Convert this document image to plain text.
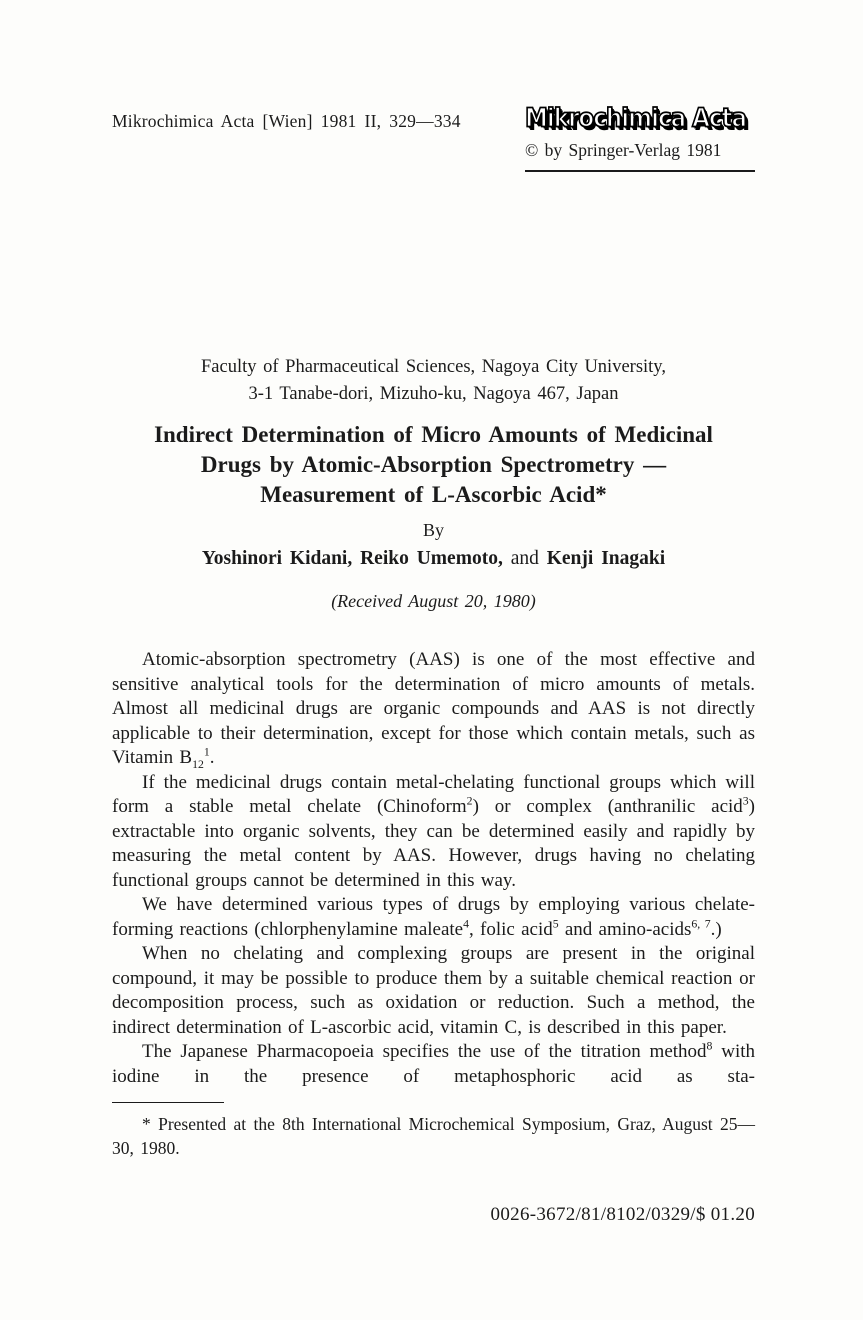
Mikrochimica Acta [Wien] 1981 II, 329—334	Mikrochimica Acta
© by Springer-Verlag 1981
Faculty of Pharmaceutical Sciences, Nagoya City University,
3-1 Tanabe-dori, Mizuho-ku, Nagoya 467, Japan
Indirect Determination of Micro Amounts of Medicinal
Drugs by Atomic-Absorption Spectrometry —
Measurement of L-Ascorbic Acid*
By
Yoshinori Kidani, Reiko Umemoto, and Kenji Inagaki
(Received August 20, 1980)

Atomic-absorption spectrometry (AAS) is one of the most effective and sensitive analytical tools for the determination of micro amounts of metals. Almost all medicinal drugs are organic compounds and AAS is not directly applicable to their determination, except for those which contain metals, such as Vitamin $B_{12}^1$.

If the medicinal drugs contain metal-chelating functional groups which will form a stable metal chelate (Chinoform$^2$) or complex (anthranilic acid$^3$) extractable into organic solvents, they can be determined easily and rapidly by measuring the metal content by AAS. However, drugs having no chelating functional groups cannot be determined in this way.

We have determined various types of drugs by employing various chelate-forming reactions (chlorphenylamine maleate$^4$, folic acid$^5$ and amino-acids$^{6, 7}$.)

When no chelating and complexing groups are present in the original compound, it may be possible to produce them by a suitable chemical reaction or decomposition process, such as oxidation or reduction. Such a method, the indirect determination of L-ascorbic acid, vitamin C, is described in this paper.

The Japanese Pharmacopoeia specifies the use of the titration method$^8$ with iodine in the presence of metaphosphoric acid as sta-

* Presented at the 8th International Microchemical Symposium, Graz, August 25—30, 1980.
0026-3672/81/8102/0329/$ 01.20
